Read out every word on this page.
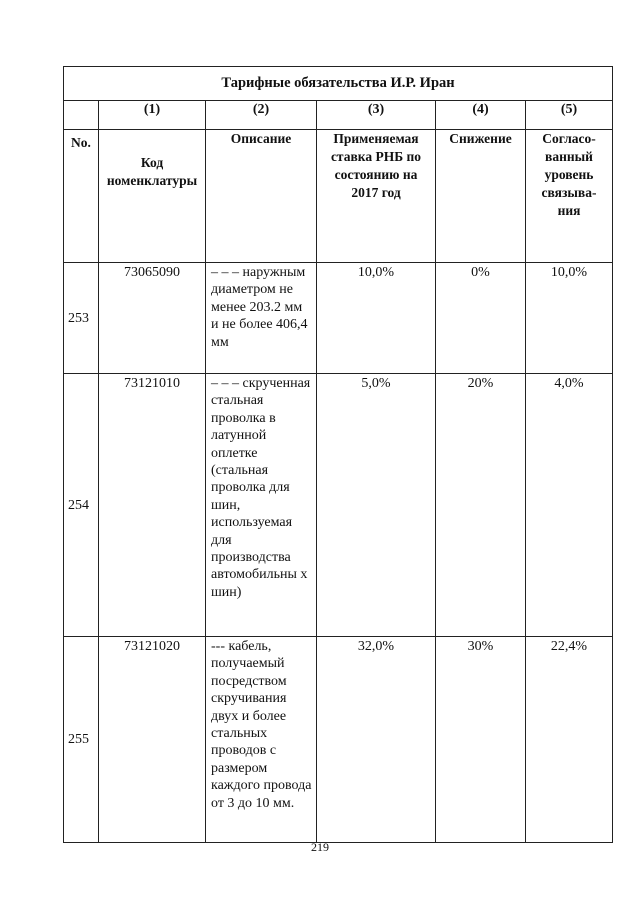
Тарифные обязательства И.Р. Иран					
	(1)	(2)	(3)	(4)	(5)
No.	Код номенклатуры	Описание	Применяемая ставка РНБ по состоянию на 2017 год	Снижение	Согласо-ванный уровень связыва-ния
253	73065090	– – – наружным диаметром не менее 203.2 мм и не более 406,4 мм	10,0%	0%	10,0%
254	73121010	– – – скрученная стальная проволка в латунной оплетке (стальная проволка для шин, используемая для производства автомобильны х шин)	5,0%	20%	4,0%
255	73121020	--- кабель, получаемый посредством скручивания двух и более стальных проводов с размером каждого провода от 3 до 10 мм.	32,0%	30%	22,4%
219
